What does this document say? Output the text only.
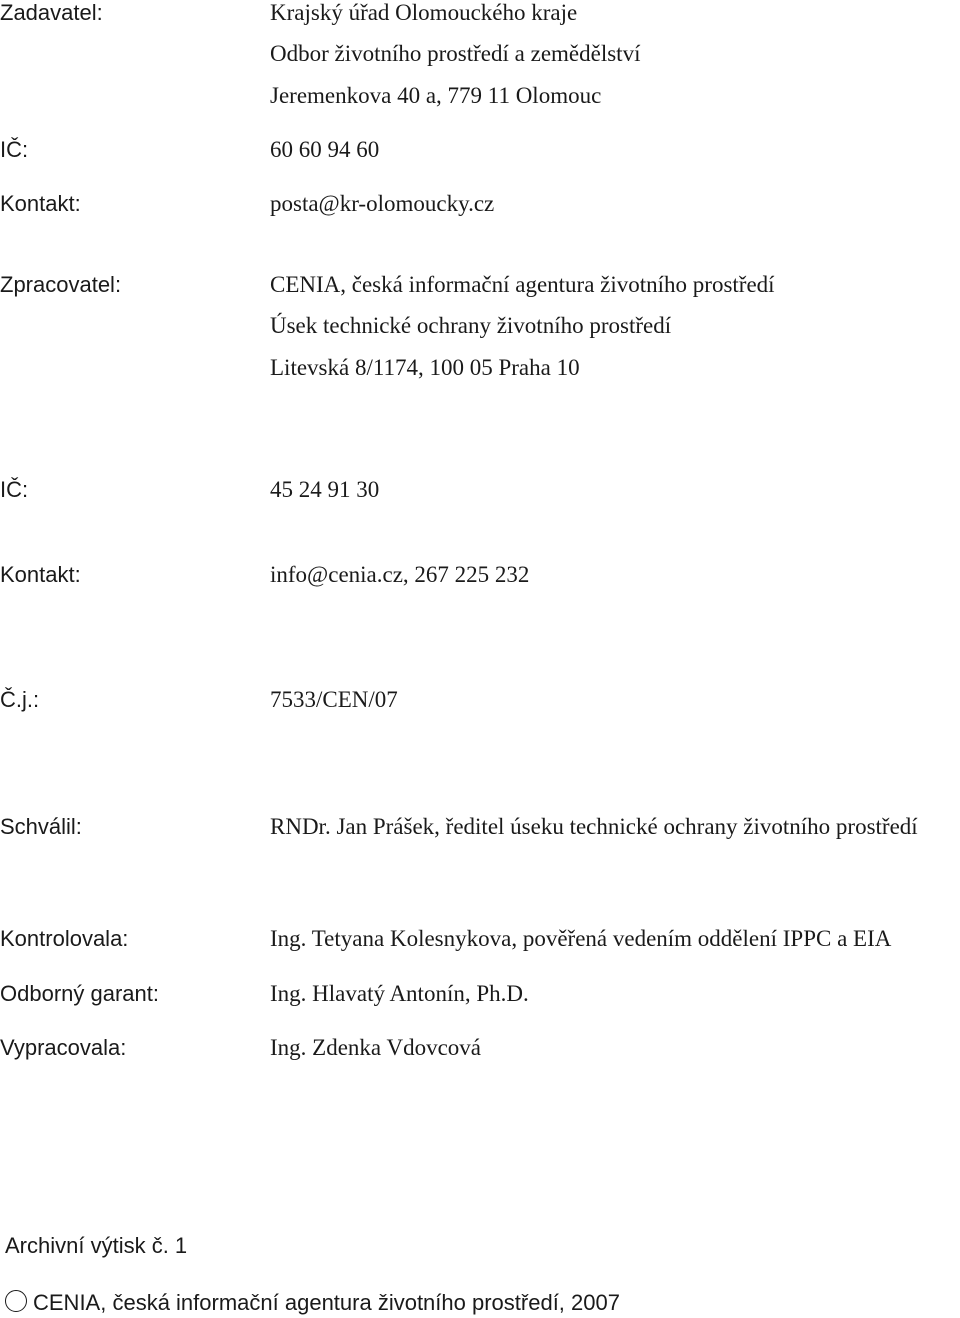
Zadavatel:	Krajský úřad Olomouckého kraje
Odbor životního prostředí a zemědělství
Jeremenkova 40 a, 779 11 Olomouc
IČ:	60 60 94 60
Kontakt:	posta@kr-olomoucky.cz
Zpracovatel:	CENIA, česká informační agentura životního prostředí
Úsek technické ochrany životního prostředí
Litevská 8/1174, 100 05 Praha 10
IČ:	45 24 91 30
Kontakt:	info@cenia.cz, 267 225 232
Č.j.:	7533/CEN/07
Schválil:	RNDr. Jan Prášek, ředitel úseku technické ochrany životního prostředí
Kontrolovala:	Ing. Tetyana Kolesnykova, pověřená vedením oddělení IPPC a EIA
Odborný garant:	Ing. Hlavatý Antonín, Ph.D.
Vypracovala:	Ing. Zdenka Vdovcová
Archivní výtisk č. 1
CENIA, česká informační agentura životního prostředí, 2007
